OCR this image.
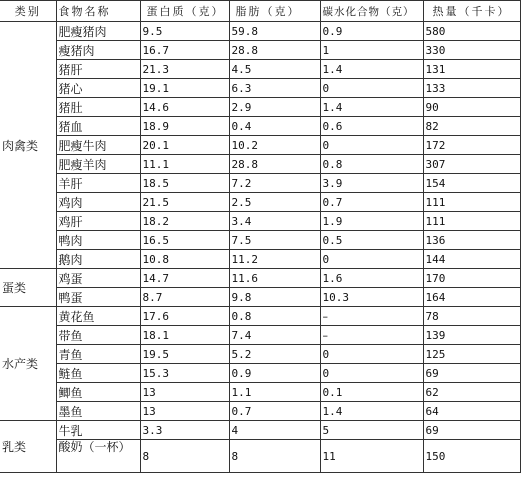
类别	食物名称	蛋白质（克）	脂肪（克）	碳水化合物（克）	热量（千卡）
肉禽类	肥瘦猪肉	9.5	59.8	0.9	580
	瘦猪肉	16.7	28.8	1	330
	猪肝	21.3	4.5	1.4	131
	猪心	19.1	6.3	0	133
	猪肚	14.6	2.9	1.4	90
	猪血	18.9	0.4	0.6	82
	肥瘦牛肉	20.1	10.2	0	172
	肥瘦羊肉	11.1	28.8	0.8	307
	羊肝	18.5	7.2	3.9	154
	鸡肉	21.5	2.5	0.7	111
	鸡肝	18.2	3.4	1.9	111
	鸭肉	16.5	7.5	0.5	136
	鹅肉	10.8	11.2	0	144
蛋类	鸡蛋	14.7	11.6	1.6	170
	鸭蛋	8.7	9.8	10.3	164
水产类	黄花鱼	17.6	0.8	–	78
	带鱼	18.1	7.4	–	139
	青鱼	19.5	5.2	0	125
	鲢鱼	15.3	0.9	0	69
	鲫鱼	13	1.1	0.1	62
	墨鱼	13	0.7	1.4	64
乳类	牛乳	3.3	4	5	69
	酸奶（一杯）	8	8	11	150
